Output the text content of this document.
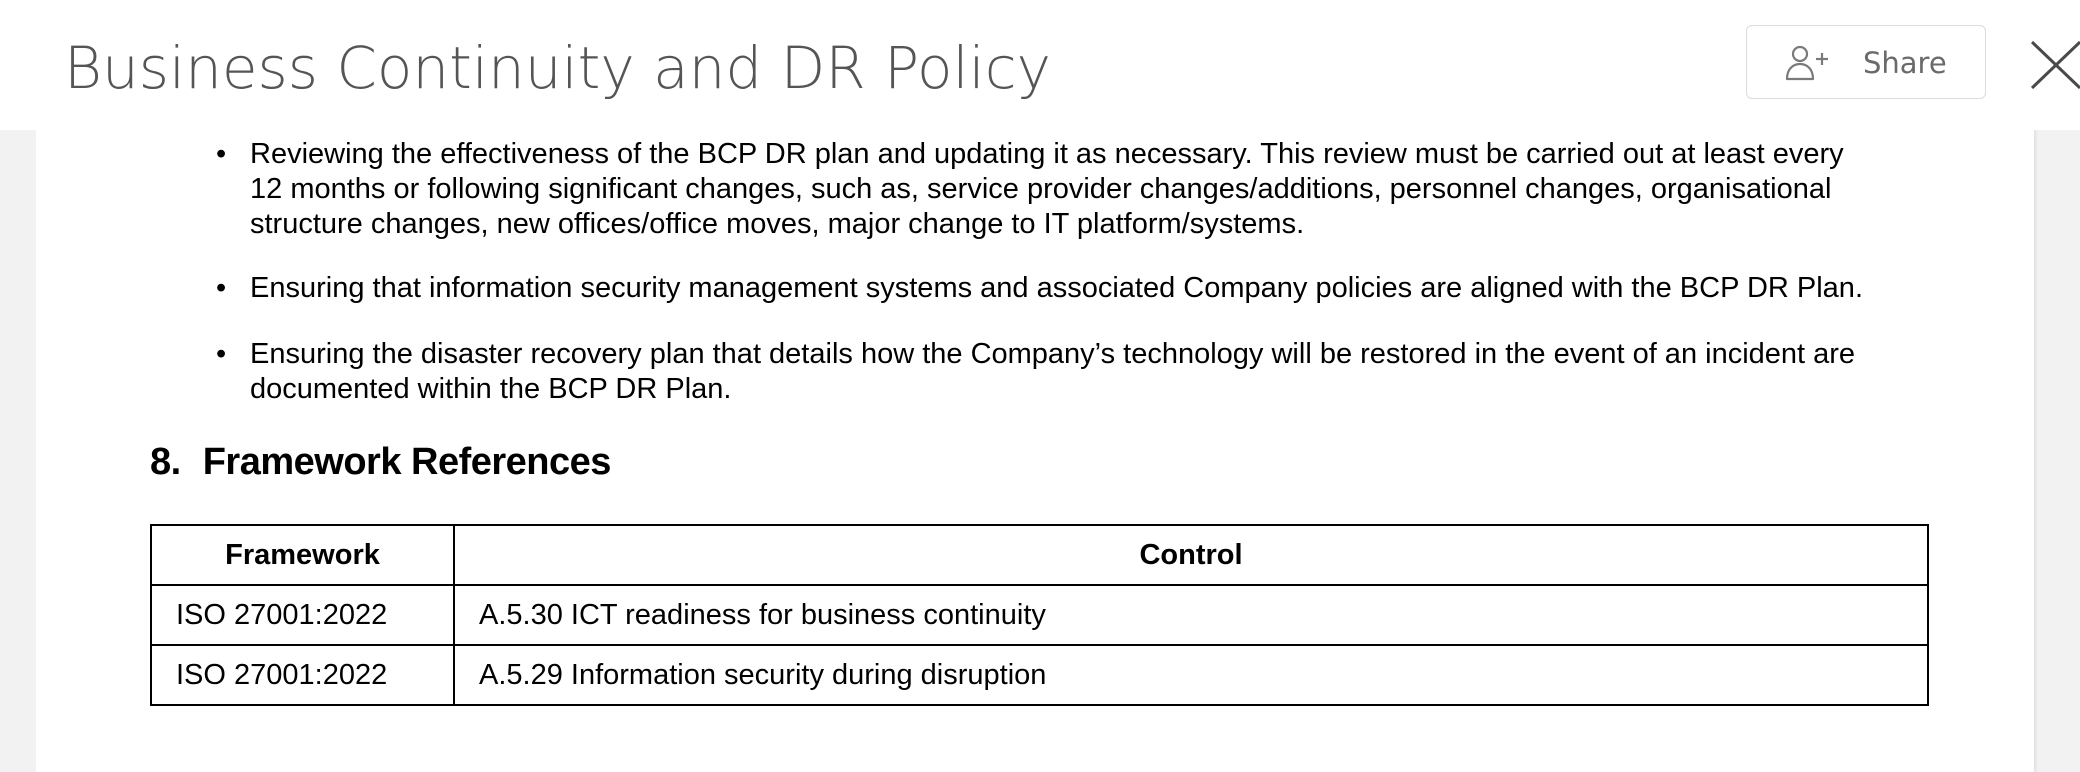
Business Continuity and DR Policy	Share
• Reviewing the effectiveness of the BCP DR plan and updating it as necessary. This review must be carried out at least every
12 months or following significant changes, such as, service provider changes/additions, personnel changes, organisational
structure changes, new offices/office moves, major change to IT platform/systems.
• Ensuring that information security management systems and associated Company policies are aligned with the BCP DR Plan.
• Ensuring the disaster recovery plan that details how the Company’s technology will be restored in the event of an incident are
documented within the BCP DR Plan.
8. Framework References
Framework	Control
ISO 27001:2022	A.5.30 ICT readiness for business continuity
ISO 27001:2022	A.5.29 Information security during disruption
